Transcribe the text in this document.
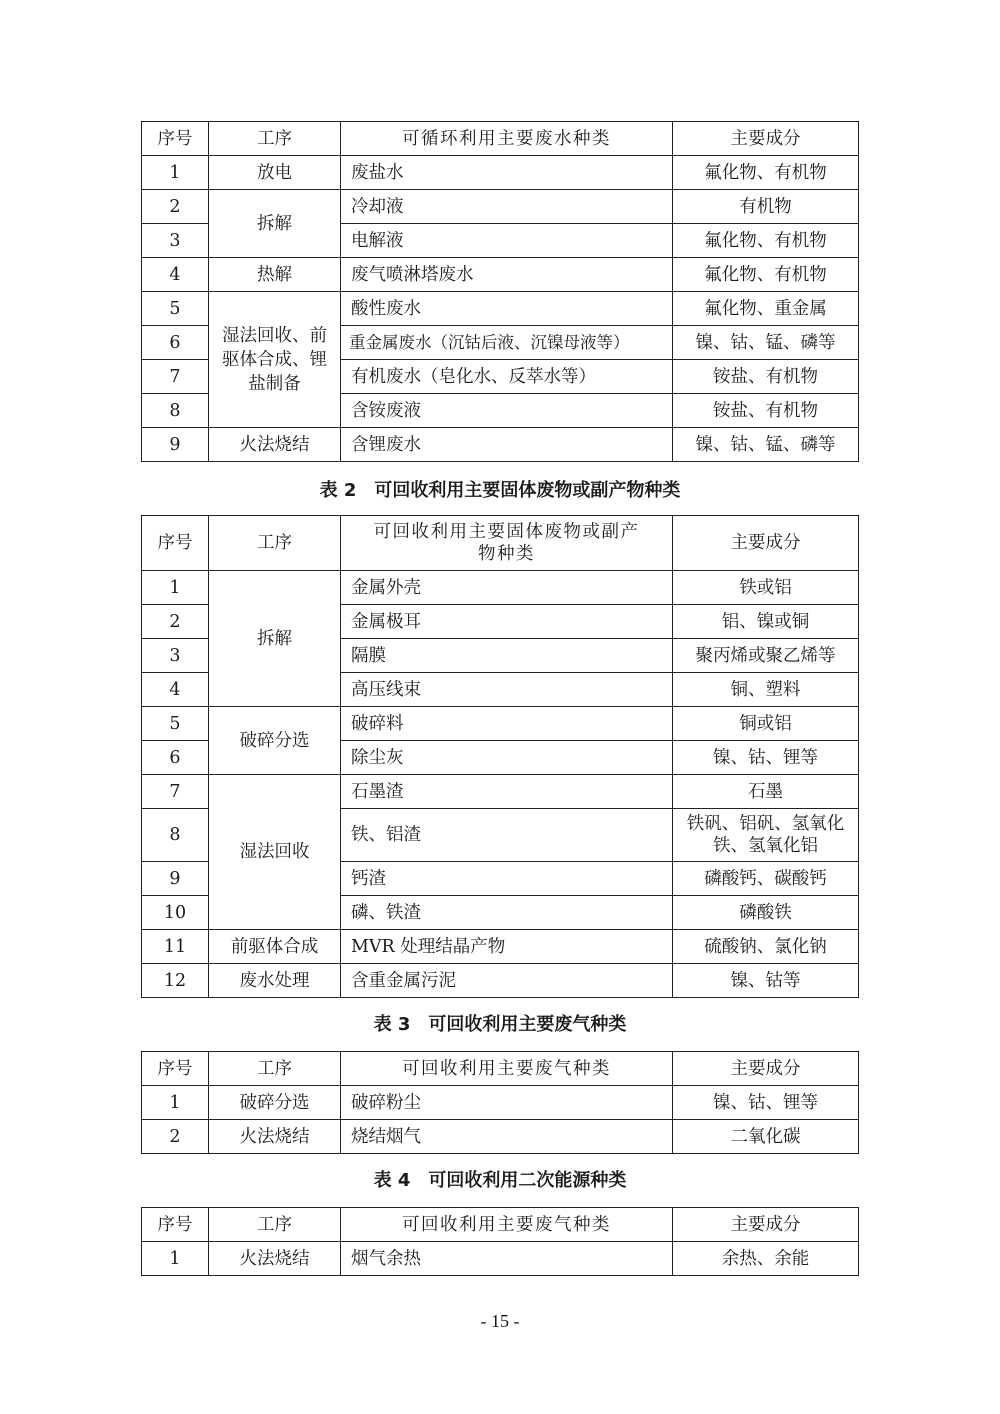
序号	工序	可循环利用主要废水种类	主要成分
1	放电	废盐水	氟化物、有机物
2	拆解	冷却液	有机物
3		电解液	氟化物、有机物
4	热解	废气喷淋塔废水	氟化物、有机物
5	湿法回收、前驱体合成、锂盐制备	酸性废水	氟化物、重金属
6		重金属废水（沉钴后液、沉镍母液等）	镍、钴、锰、磷等
7		有机废水（皂化水、反萃水等）	铵盐、有机物
8		含铵废液	铵盐、有机物
9	火法烧结	含锂废水	镍、钴、锰、磷等
表 2　可回收利用主要固体废物或副产物种类
序号	工序	可回收利用主要固体废物或副产物种类	主要成分
1	拆解	金属外壳	铁或铝
2		金属极耳	铝、镍或铜
3		隔膜	聚丙烯或聚乙烯等
4		高压线束	铜、塑料
5	破碎分选	破碎料	铜或铝
6		除尘灰	镍、钴、锂等
7	湿法回收	石墨渣	石墨
8		铁、铝渣	铁矾、铝矾、氢氧化铁、氢氧化铝
9		钙渣	磷酸钙、碳酸钙
10		磷、铁渣	磷酸铁
11	前驱体合成	MVR 处理结晶产物	硫酸钠、氯化钠
12	废水处理	含重金属污泥	镍、钴等
表 3　可回收利用主要废气种类
序号	工序	可回收利用主要废气种类	主要成分
1	破碎分选	破碎粉尘	镍、钴、锂等
2	火法烧结	烧结烟气	二氧化碳
表 4　可回收利用二次能源种类
序号	工序	可回收利用主要废气种类	主要成分
1	火法烧结	烟气余热	余热、余能
- 15 -
